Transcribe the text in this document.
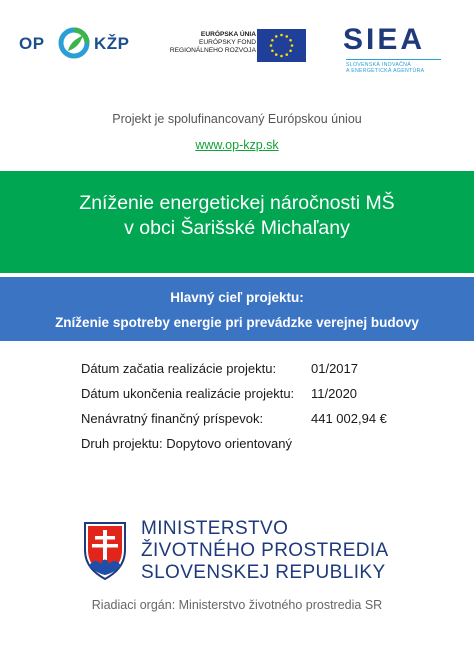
OP	KŽP	EURÓPSKA ÚNIA
EURÓPSKY FOND
REGIONÁLNEHO ROZVOJA	SIEA
SLOVENSKÁ INOVAČNÁ
A ENERGETICKÁ AGENTÚRA
Projekt je spolufinancovaný Európskou úniou
www.op-kzp.sk
Zníženie energetickej náročnosti MŠ
v obci Šarišské Michaľany
Hlavný cieľ projektu:
Zníženie spotreby energie pri prevádzke verejnej budovy
Dátum začatia realizácie projektu:	01/2017
Dátum ukončenia realizácie projektu: 11/2020
Nenávratný finančný príspevok:	441 002,94 €
Druh projektu: Dopytovo orientovaný
MINISTERSTVO
ŽIVOTNÉHO PROSTREDIA
SLOVENSKEJ REPUBLIKY
Riadiaci orgán: Ministerstvo životného prostredia SR
